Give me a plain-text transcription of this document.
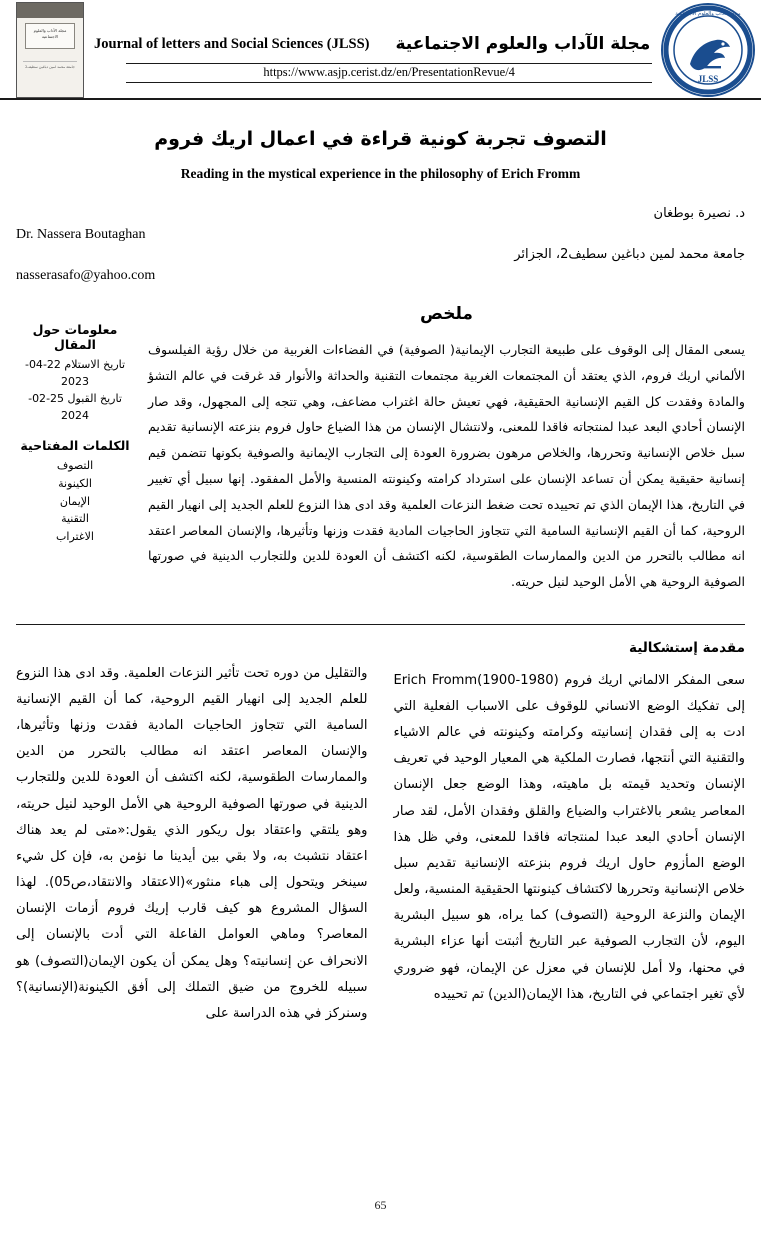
مجلة الآداب والعلوم الاجتماعية
جامعة محمد لمين دباغين سطيف2
Journal of letters and Social Sciences (JLSS) مجلة الآداب والعلوم الاجتماعية
https://www.asjp.cerist.dz/en/PresentationRevue/4	JLSS
مجلة الآداب والعلوم الاجتماعية
التصوف تجربة كونية قراءة في اعمال اريك فروم
Reading in the mystical experience in the philosophy of Erich Fromm
د. نصيرة بوطغان
Dr. Nassera Boutaghan
جامعة محمد لمين دباغين سطيف2، الجزائر
nasserasafo@yahoo.com
ملخص

يسعى المقال إلى الوقوف على طبيعة التجارب الإيمانية( الصوفية) في الفضاءات الغربية من خلال رؤية الفيلسوف الألماني اريك فروم، الذي يعتقد أن المجتمعات الغربية مجتمعات التقنية والحداثة والأنوار قد غرقت في عالم التشؤ والمادة وفقدت كل القيم الإنسانية الحقيقية، فهي تعيش حالة اغتراب مضاعف، وهي تتجه إلى المجهول، وقد صار الإنسان أحادي البعد عبدا لمنتجاته فاقدا للمعنى، ولانتشال الإنسان من هذا الضياع حاول فروم بنزعته الإنسانية تقديم سبل خلاص الإنسانية وتحررها، والخلاص مرهون بضرورة العودة إلى التجارب الإيمانية والصوفية بكونها تتضمن قيم إنسانية حقيقية يمكن أن تساعد الإنسان على استرداد كرامته وكينونته المنسية والأمل المفقود. إنها سبيل أي تغيير في التاريخ، هذا الإيمان الذي تم تحييده تحت ضغط النزعات العلمية وقد ادى هذا النزوع للعلم الجديد إلى انهيار القيم الروحية، كما أن القيم الإنسانية السامية التي تتجاوز الحاجيات المادية فقدت وزنها وتأثيرها، والإنسان المعاصر اعتقد انه مطالب بالتحرر من الدين والممارسات الطقوسية، لكنه اكتشف أن العودة للدين وللتجارب الدينية في صورتها الصوفية الروحية هي الأمل الوحيد لنيل حريته.

معلومات حول المقال
تاريخ الاستلام 22-04-2023
تاريخ القبول 25-02-2024
الكلمات المفتاحية
التصوف
الكينونة
الإيمان
التقنية
الاغتراب
مقدمة إستشكالية

سعى المفكر الالماني اريك فروم Erich Fromm(1900-1980) إلى تفكيك الوضع الانساني للوقوف على الاسباب الفعلية التي ادت به إلى فقدان إنسانيته وكرامته وكينونته في عالم الاشياء والتقنية التي أنتجها، فصارت الملكية هي المعيار الوحيد في تعريف الإنسان وتحديد قيمته بل ماهيته، وهذا الوضع جعل الإنسان المعاصر يشعر بالاغتراب والضياع والقلق وفقدان الأمل، لقد صار الإنسان أحادي البعد عبدا لمنتجاته فاقدا للمعنى، وفي ظل هذا الوضع المأزوم حاول اريك فروم بنزعته الإنسانية تقديم سبل خلاص الإنسانية وتحررها لاكتشاف كينونتها الحقيقية المنسية، ولعل الإيمان والنزعة الروحية (التصوف) كما يراه، هو سبيل البشرية اليوم، لأن التجارب الصوفية عبر التاريخ أثبتت أنها عزاء البشرية في محنها، ولا أمل للإنسان في معزل عن الإيمان، فهو ضروري لأي تغير اجتماعي في التاريخ، هذا الإيمان(الدين) تم تحييده

والتقليل من دوره تحت تأثير النزعات العلمية. وقد ادى هذا النزوع للعلم الجديد إلى انهيار القيم الروحية، كما أن القيم الإنسانية السامية التي تتجاوز الحاجيات المادية فقدت وزنها وتأثيرها، والإنسان المعاصر اعتقد انه مطالب بالتحرر من الدين والممارسات الطقوسية، لكنه اكتشف أن العودة للدين وللتجارب الدينية في صورتها الصوفية الروحية هي الأمل الوحيد لنيل حريته، وهو يلتقي واعتقاد بول ريكور الذي يقول:«متى لم يعد هناك اعتقاد نتشبث به، ولا بقي بين أيدينا ما نؤمن به، فإن كل شيء سينخر ويتحول إلى هباء منثور»(الاعتقاد والانتقاد،ص05). لهذا السؤال المشروع هو كيف قارب إريك فروم أزمات الإنسان المعاصر؟ وماهي العوامل الفاعلة التي أدت بالإنسان إلى الانحراف عن إنسانيته؟ وهل يمكن أن يكون الإيمان(التصوف) هو سبيله للخروج من ضيق التملك إلى أفق الكينونة(الإنسانية)؟ وسنركز في هذه الدراسة على

65
